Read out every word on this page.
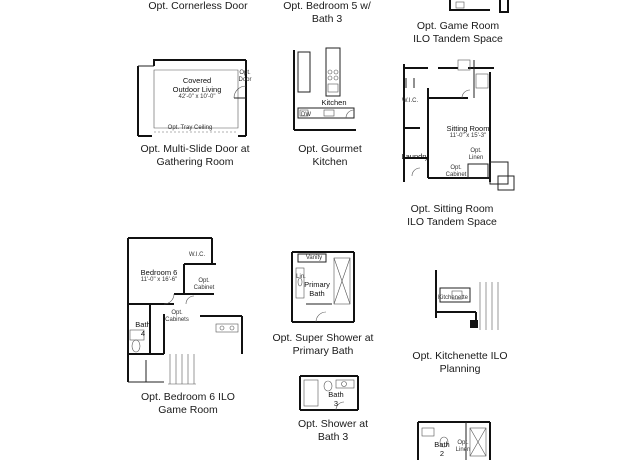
Opt. Cornerless Door	Opt. Bedroom 5 w/
Bath 3
Opt. Game Room
ILO Tandem Space
Covered
Outdoor Living
42'-0" x 10'-0"
Opt. Tray Ceiling
Opt.
Door
Opt. Multi-Slide Door at
Gathering Room
Kitchen
DW
Opt. Gourmet
Kitchen
Sitting Room
11'-0" x 15'-3"
Laundry
W.I.C.
Opt.
Linen
Opt.
Cabinet
Opt. Sitting Room
ILO Tandem Space
Bedroom 6
11'-0" x 16'-6"
W.I.C.
Opt.
Cabinet
Bath
4
Opt.
Cabinets
Opt. Bedroom 6 ILO
Game Room
Vanity
Primary
Bath
Lin.
Opt. Super Shower at
Primary Bath
Kitchenette
Opt. Kitchenette ILO
Planning
Bath
3
Opt. Shower at
Bath 3
Bath
2
Opt.
Linen
